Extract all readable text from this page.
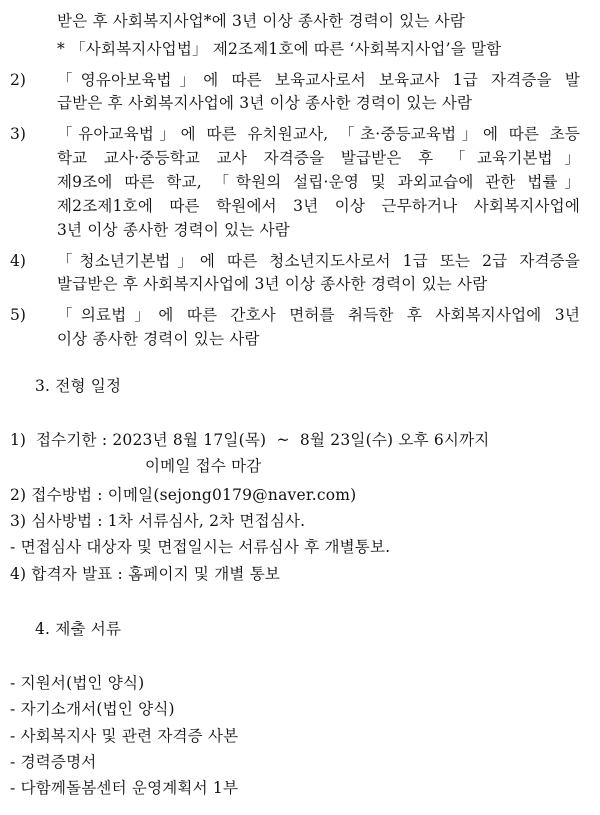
받은 후 사회복지사업*에 3년 이상 종사한 경력이 있는 사람
* 「사회복지사업법」 제2조제1호에 따른 ‘사회복지사업’을 말함
2) 「영유아보육법」에 따른 보육교사로서 보육교사 1급 자격증을 발
급받은 후 사회복지사업에 3년 이상 종사한 경력이 있는 사람
3) 「유아교육법」에 따른 유치원교사, 「초·중등교육법」에 따른 초등
학교 교사·중등학교 교사 자격증을 발급받은 후 「교육기본법」
제9조에 따른 학교, 「학원의 설립·운영 및 과외교습에 관한 법률」
제2조제1호에 따른 학원에서 3년 이상 근무하거나 사회복지사업에
3년 이상 종사한 경력이 있는 사람
4) 「청소년기본법」에 따른 청소년지도사로서 1급 또는 2급 자격증을
발급받은 후 사회복지사업에 3년 이상 종사한 경력이 있는 사람
5) 「의료법」에 따른 간호사 면허를 취득한 후 사회복지사업에 3년
이상 종사한 경력이 있는 사람
3. 전형 일정
1) 접수기한 : 2023년 8월 17일(목)  ~  8월 23일(수) 오후 6시까지
이메일 접수 마감
2) 접수방법 : 이메일(sejong0179@naver.com)
3) 심사방법 : 1차 서류심사, 2차 면접심사.
- 면접심사 대상자 및 면접일시는 서류심사 후 개별통보.
4) 합격자 발표 : 홈페이지 및 개별 통보
4. 제출 서류
- 지원서(법인 양식)
- 자기소개서(법인 양식)
- 사회복지사 및 관련 자격증 사본
- 경력증명서
- 다함께돌봄센터 운영계획서 1부
